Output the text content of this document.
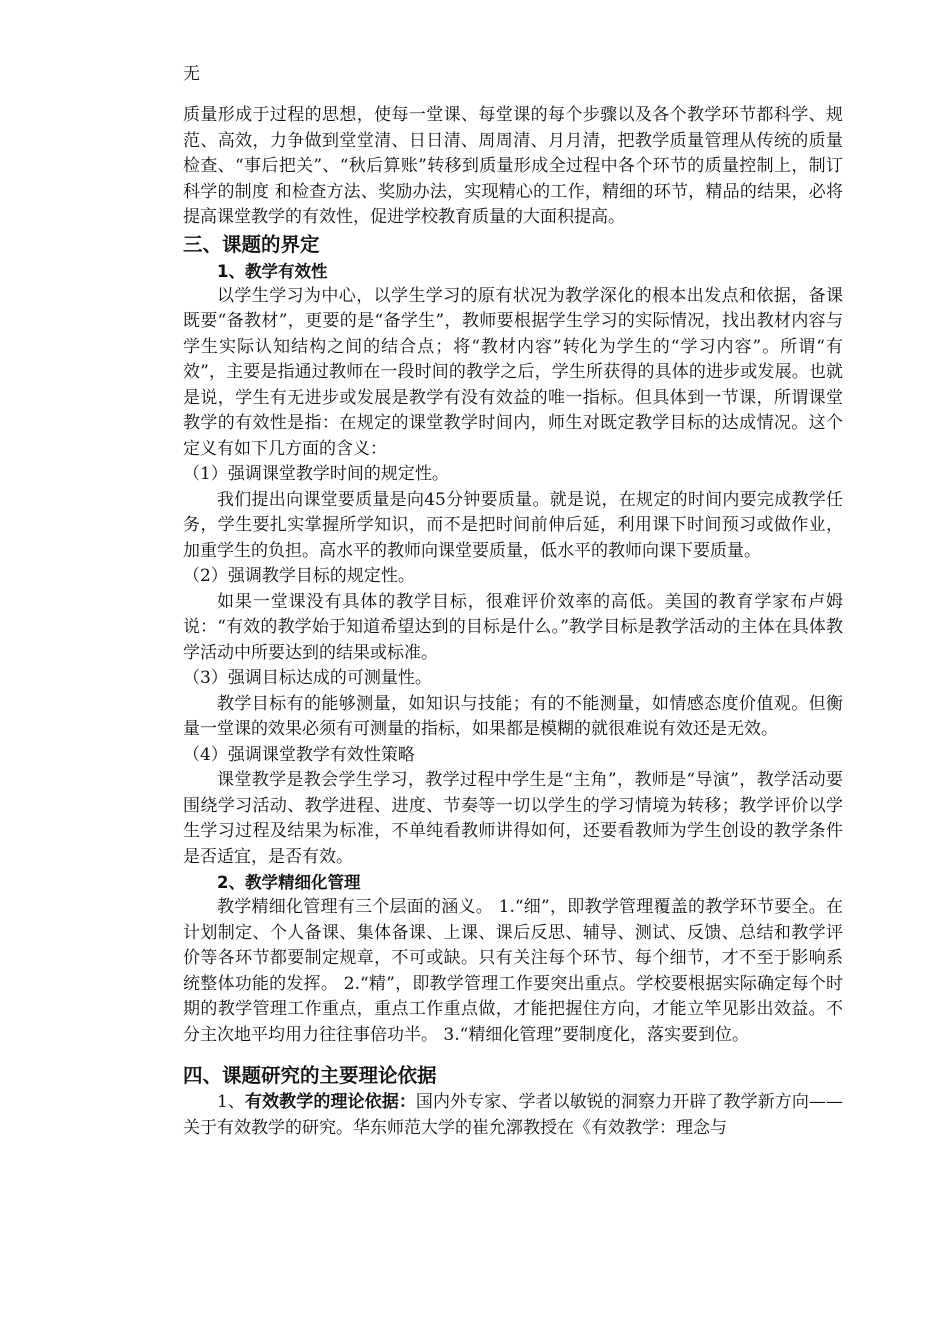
无

质量形成于过程的思想，使每一堂课、每堂课的每个步骤以及各个教学环节都科学、规范、高效，力争做到堂堂清、日日清、周周清、月月清，把教学质量管理从传统的质量检查、“事后把关”、“秋后算账”转移到质量形成全过程中各个环节的质量控制上，制订科学的制度 和检查方法、奖励办法，实现精心的工作，精细的环节，精品的结果，必将提高课堂教学的有效性，促进学校教育质量的大面积提高。

三、课题的界定

1、教学有效性

以学生学习为中心，以学生学习的原有状况为教学深化的根本出发点和依据，备课既要“备教材”，更要的是“备学生”，教师要根据学生学习的实际情况，找出教材内容与学生实际认知结构之间的结合点；将“教材内容”转化为学生的“学习内容”。所谓“有效”，主要是指通过教师在一段时间的教学之后，学生所获得的具体的进步或发展。也就是说，学生有无进步或发展是教学有没有效益的唯一指标。但具体到一节课，所谓课堂教学的有效性是指：在规定的课堂教学时间内，师生对既定教学目标的达成情况。这个定义有如下几方面的含义：

（1）强调课堂教学时间的规定性。

我们提出向课堂要质量是向45分钟要质量。就是说，在规定的时间内要完成教学任务，学生要扎实掌握所学知识，而不是把时间前伸后延，利用课下时间预习或做作业，加重学生的负担。高水平的教师向课堂要质量，低水平的教师向课下要质量。

（2）强调教学目标的规定性。

如果一堂课没有具体的教学目标，很难评价效率的高低。美国的教育学家布卢姆说：“有效的教学始于知道希望达到的目标是什么。”教学目标是教学活动的主体在具体教学活动中所要达到的结果或标准。

（3）强调目标达成的可测量性。

教学目标有的能够测量，如知识与技能；有的不能测量，如情感态度价值观。但衡量一堂课的效果必须有可测量的指标，如果都是模糊的就很难说有效还是无效。

（4）强调课堂教学有效性策略

课堂教学是教会学生学习，教学过程中学生是“主角”，教师是“导演”，教学活动要围绕学习活动、教学进程、进度、节奏等一切以学生的学习情境为转移；教学评价以学生学习过程及结果为标准，不单纯看教师讲得如何，还要看教师为学生创设的教学条件是否适宜，是否有效。

2、教学精细化管理

教学精细化管理有三个层面的涵义。 1.“细”，即教学管理覆盖的教学环节要全。在计划制定、个人备课、集体备课、上课、课后反思、辅导、测试、反馈、总结和教学评价等各环节都要制定规章，不可或缺。只有关注每个环节、每个细节，才不至于影响系统整体功能的发挥。 2.“精”，即教学管理工作要突出重点。学校要根据实际确定每个时期的教学管理工作重点，重点工作重点做，才能把握住方向，才能立竿见影出效益。不分主次地平均用力往往事倍功半。 3.“精细化管理”要制度化，落实要到位。

四、课题研究的主要理论依据

1、有效教学的理论依据：国内外专家、学者以敏锐的洞察力开辟了教学新方向——关于有效教学的研究。华东师范大学的崔允漷教授在《有效教学：理念与
